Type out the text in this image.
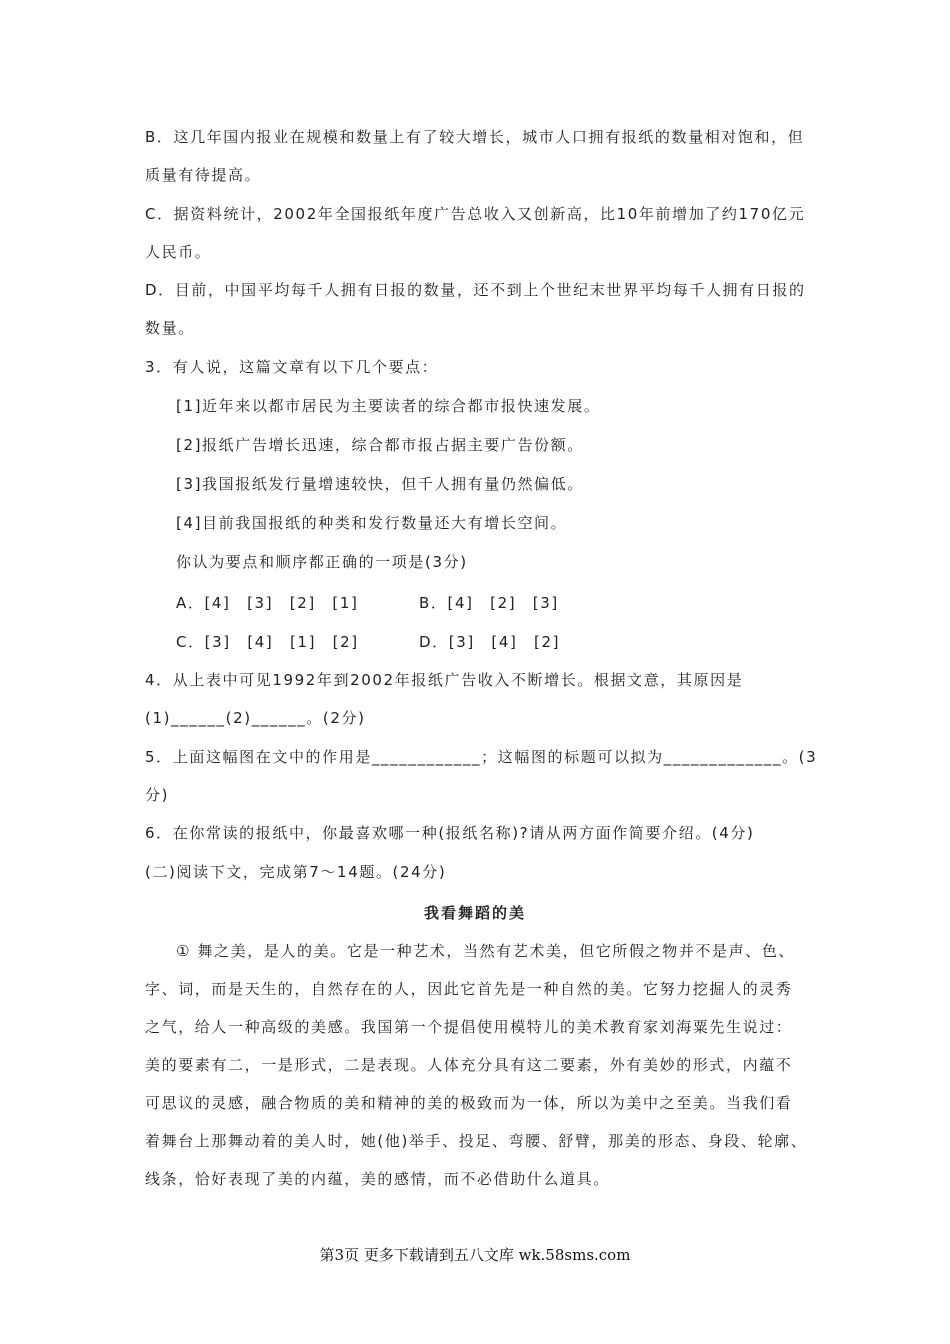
B．这几年国内报业在规模和数量上有了较大增长，城市人口拥有报纸的数量相对饱和，但
质量有待提高。
C．据资料统计，2002年全国报纸年度广告总收入又创新高，比10年前增加了约170亿元
人民币。
D．目前，中国平均每千人拥有日报的数量，还不到上个世纪末世界平均每千人拥有日报的
数量。
3．有人说，这篇文章有以下几个要点：
[1]近年来以都市居民为主要读者的综合都市报快速发展。
[2]报纸广告增长迅速，综合都市报占据主要广告份额。
[3]我国报纸发行量增速较快，但千人拥有量仍然偏低。
[4]目前我国报纸的种类和发行数量还大有增长空间。
你认为要点和顺序都正确的一项是(3分)
A．[4]　[3]　[2]　[1]	B．[4]　[2]　[3]
C．[3]　[4]　[1]　[2]	D．[3]　[4]　[2]
4．从上表中可见1992年到2002年报纸广告收入不断增长。根据文意，其原因是
(1)______(2)______。(2分)
5．上面这幅图在文中的作用是____________；这幅图的标题可以拟为_____________。(3
分)
6．在你常读的报纸中，你最喜欢哪一种(报纸名称)?请从两方面作简要介绍。(4分)
(二)阅读下文，完成第7～14题。(24分)
我看舞蹈的美
① 舞之美，是人的美。它是一种艺术，当然有艺术美，但它所假之物并不是声、色、
字、词，而是天生的，自然存在的人，因此它首先是一种自然的美。它努力挖掘人的灵秀
之气，给人一种高级的美感。我国第一个提倡使用模特儿的美术教育家刘海粟先生说过：
美的要素有二，一是形式，二是表现。人体充分具有这二要素，外有美妙的形式，内蕴不
可思议的灵感，融合物质的美和精神的美的极致而为一体，所以为美中之至美。当我们看
着舞台上那舞动着的美人时，她(他)举手、投足、弯腰、舒臂，那美的形态、身段、轮廓、
线条，恰好表现了美的内蕴，美的感情，而不必借助什么道具。
第3页 更多下载请到五八文库 wk.58sms.com
